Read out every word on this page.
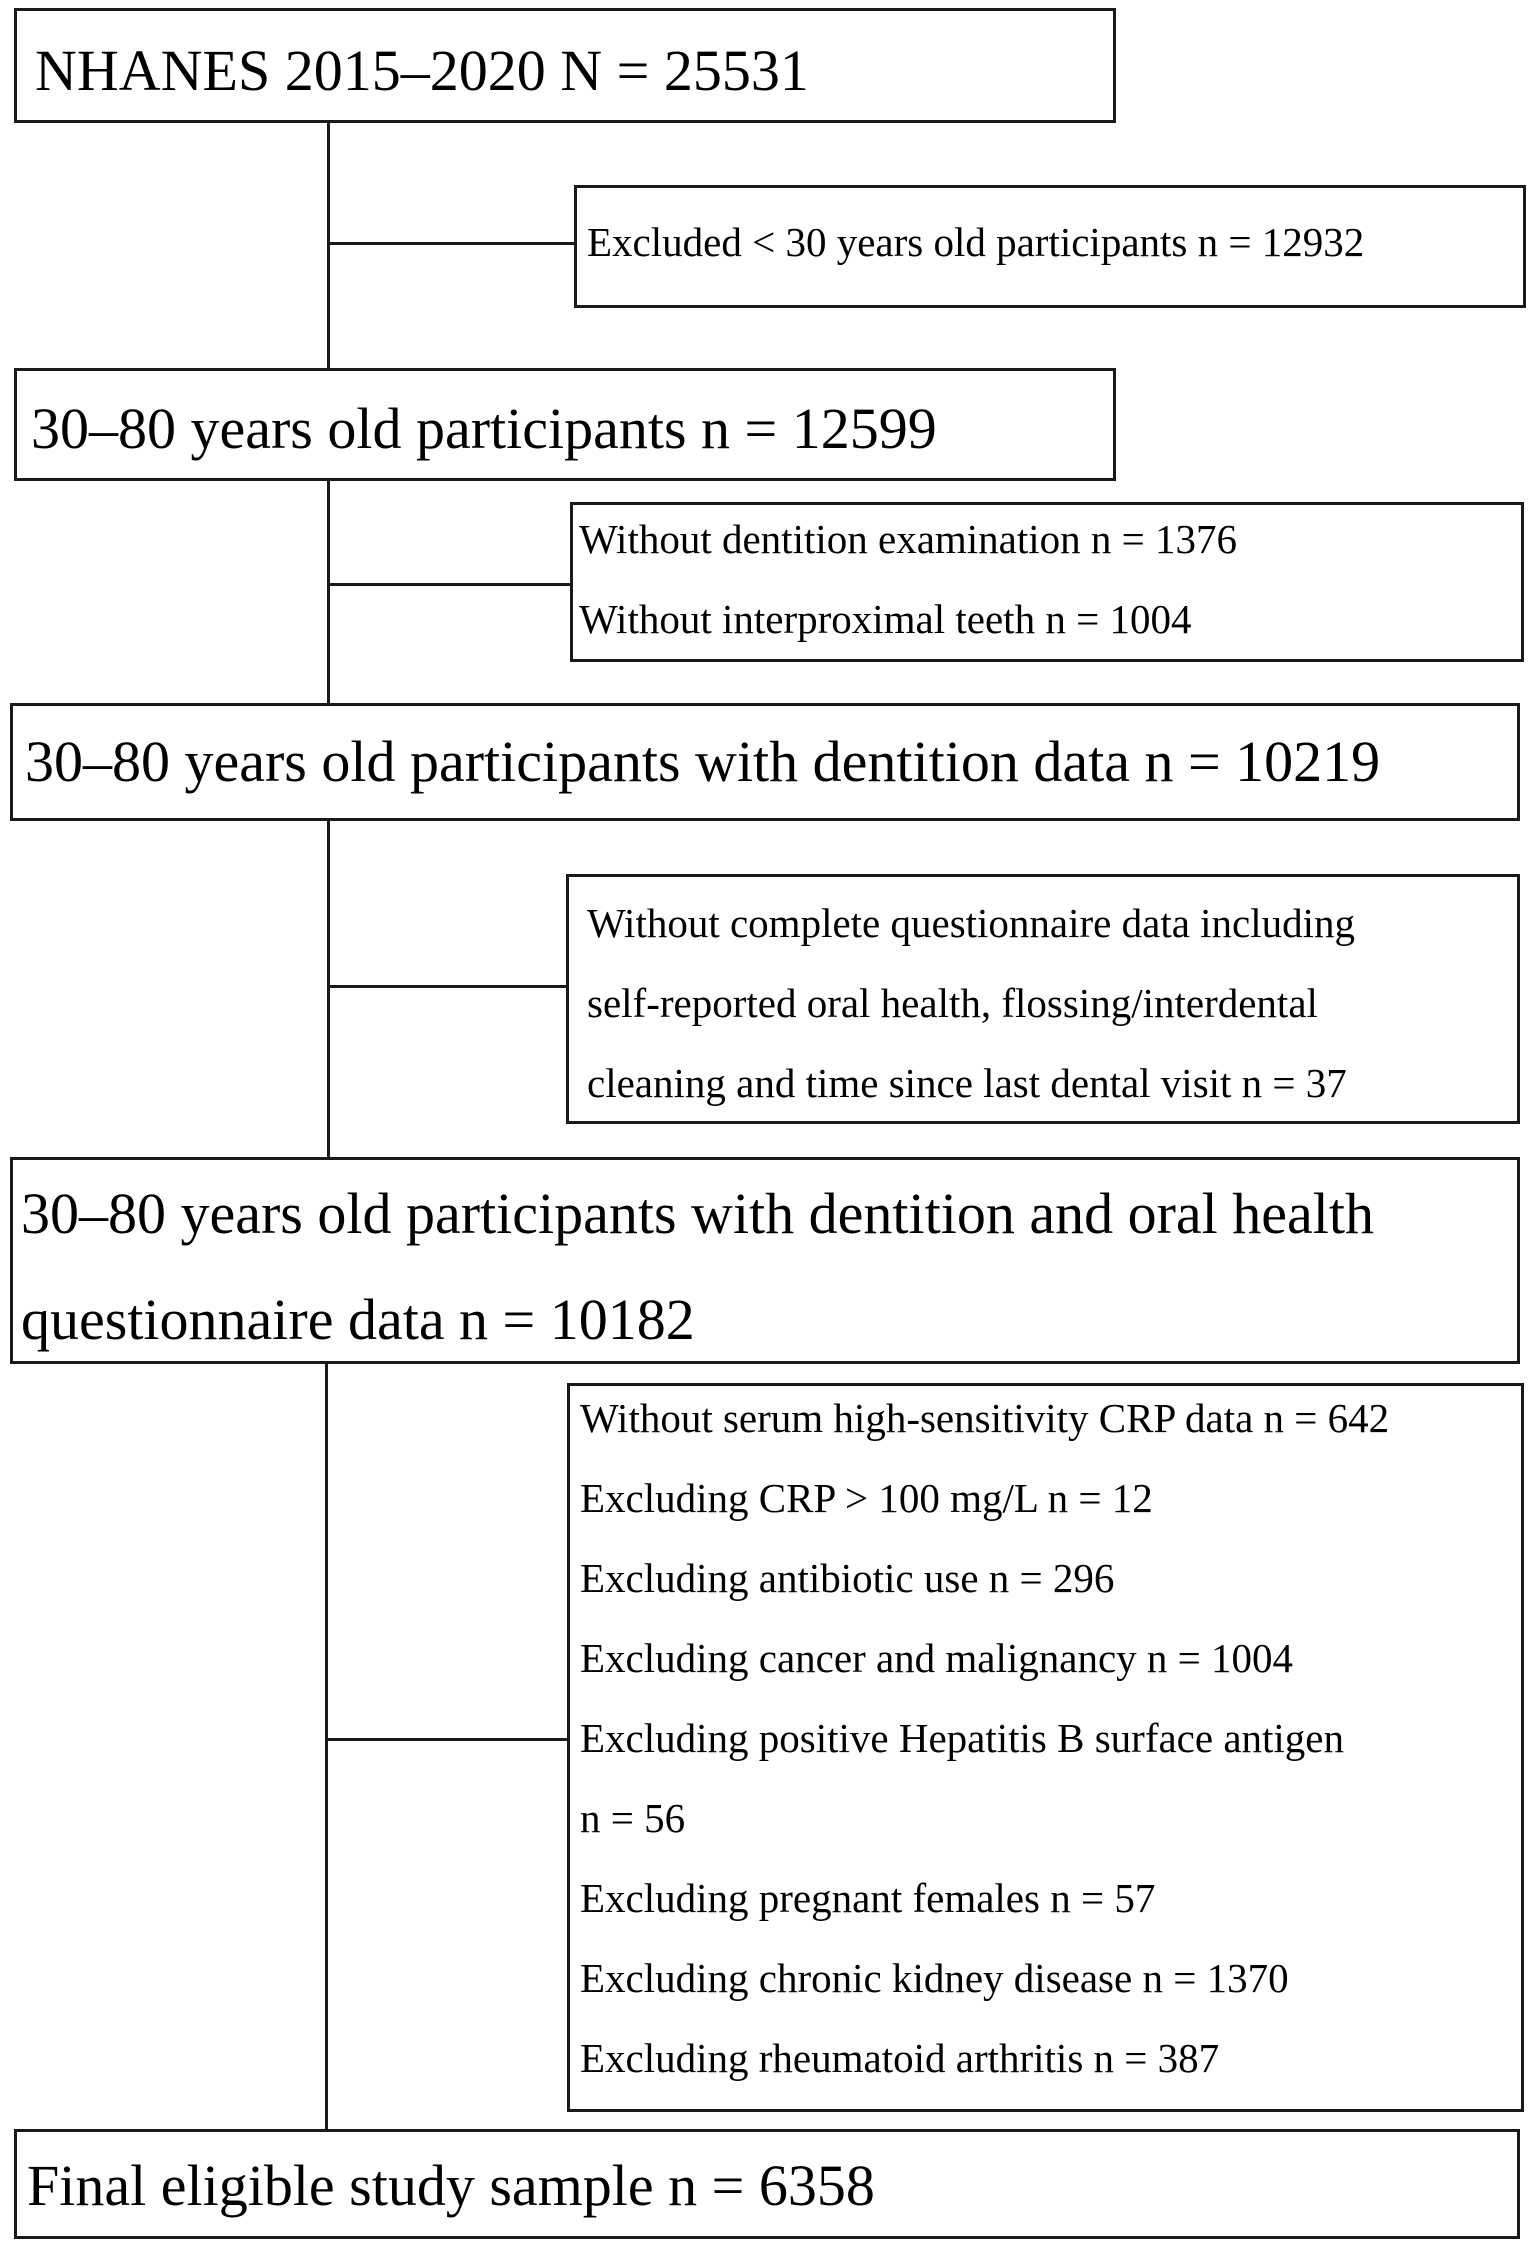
NHANES 2015–2020 N = 25531
30–80 years old participants n = 12599
30–80 years old participants with dentition data n = 10219
30–80 years old participants with dentition and oral health
questionnaire data n = 10182
Final eligible study sample n = 6358
Excluded < 30 years old participants n = 12932
Without dentition examination n = 1376
Without interproximal teeth n = 1004
Without complete questionnaire data including
self-reported oral health, flossing/interdental
cleaning and time since last dental visit n = 37
Without serum high-sensitivity CRP data n = 642
Excluding CRP > 100 mg/L n = 12
Excluding antibiotic use n = 296
Excluding cancer and malignancy n = 1004
Excluding positive Hepatitis B surface antigen
n = 56
Excluding pregnant females n = 57
Excluding chronic kidney disease n = 1370
Excluding rheumatoid arthritis n = 387
